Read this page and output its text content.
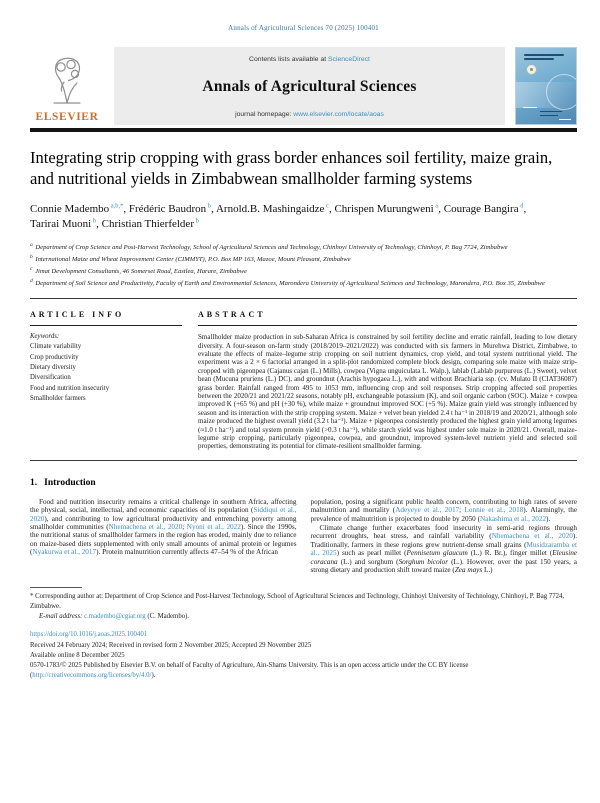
Annals of Agricultural Sciences 70 (2025) 100401
ELSEVIER
Contents lists available at ScienceDirect
Annals of Agricultural Sciences
journal homepage: www.elsevier.com/locate/aoas
Integrating strip cropping with grass border enhances soil fertility, maize grain, and nutritional yields in Zimbabwean smallholder farming systems
Connie Madembo $^{a,b,*}$, Frédéric Baudron $^b$, Arnold.B. Mashingaidze $^c$, Chrispen Murungweni $^a$, Courage Bangira $^d$, Tarirai Muoni $^b$, Christian Thierfelder $^b$
$^a$ Department of Crop Science and Post-Harvest Technology, School of Agricultural Sciences and Technology, Chinhoyi University of Technology, Chinhoyi, P. Bag 7724, Zimbabwe
$^b$ International Maize and Wheat Improvement Center (CIMMYT), P.O. Box MP 163, Mazoe, Mount Pleasant, Zimbabwe
$^c$ Jimat Development Consultants, 46 Somerset Road, Eastlea, Harare, Zimbabwe
$^d$ Department of Soil Science and Productivity, Faculty of Earth and Environmental Sciences, Marondera University of Agricultural Sciences and Technology, Marondera, P.O. Box 35, Zimbabwe
ARTICLE INFO
Keywords:
Climate variability
Crop productivity
Dietary diversity
Diversification
Food and nutrition insecurity
Smallholder farmers
ABSTRACT
Smallholder maize production in sub-Saharan Africa is constrained by soil fertility decline and erratic rainfall, leading to low dietary diversity. A four-season on-farm study (2018/2019–2021/2022) was conducted with six farmers in Murehwa District, Zimbabwe, to evaluate the effects of maize–legume strip cropping on soil nutrient dynamics, crop yield, and total system nutritional yield. The experiment was a 2 × 6 factorial arranged in a split-plot randomized complete block design, comparing sole maize with maize strip-cropped with pigeonpea (Cajanus cajan (L.) Mills), cowpea (Vigna unguiculata L. Walp.), lablab (Lablab purpureus (L.) Sweet), velvet bean (Mucuna pruriens (L.) DC), and groundnut (Arachis hypogaea L.), with and without Brachiaria ssp. (cv. Mulato II (CIAT36087) grass border. Rainfall ranged from 495 to 1053 mm, influencing crop and soil responses. Strip cropping affected soil properties between the 2020/21 and 2021/22 seasons, notably pH, exchangeable potassium (K), and soil organic carbon (SOC). Maize + cowpea improved K (+65 %) and pH (+30 %), while maize + groundnut improved SOC (+5 %). Maize grain yield was strongly influenced by season and its interaction with the strip cropping system. Maize + velvet bean yielded 2.4 t ha⁻¹ in 2018/19 and 2020/21, although sole maize produced the highest overall yield (3.2 t ha⁻¹). Maize + pigeonpea consistently produced the highest grain yield among legumes (≈1.0 t ha⁻¹) and total system protein yield (>0.3 t ha⁻¹), while starch yield was highest under sole maize in 2020/21. Overall, maize-legume strip cropping, particularly pigeonpea, cowpea, and groundnut, improved system-level nutrient yield and selected soil properties, demonstrating its potential for climate-resilient smallholder farming.
1. Introduction

Food and nutrition insecurity remains a critical challenge in southern Africa, affecting the physical, social, intellectual, and economic capacities of its population (Siddiqui et al., 2020), and contributing to low agricultural productivity and entrenching poverty among smallholder communities (Nhemachena et al., 2020; Nyoni et al., 2022). Since the 1990s, the nutritional status of smallholder farmers in the region has eroded, mainly due to reliance on maize-based diets supplemented with only small amounts of animal protein or legumes (Nyakurwa et al., 2017). Protein malnutrition currently affects 47–54 % of the African

population, posing a significant public health concern, contributing to high rates of severe malnutrition and mortality (Adeyeye et al., 2017; Lonnie et al., 2018). Alarmingly, the prevalence of malnutrition is projected to double by 2050 (Nakashima et al., 2022).

Climate change further exacerbates food insecurity in semi-arid regions through recurrent droughts, heat stress, and rainfall variability (Nhemachena et al., 2020). Traditionally, farmers in these regions grew nutrient-dense small grains (Musidzaramba et al., 2025) such as pearl millet (Pennisetum glaucum (L.) R. Br.), finger millet (Eleusine coracana (L.) and sorghum (Sorghum bicolor (L.). However, over the past 150 years, a strong dietary and production shift toward maize (Zea mays L.)

* Corresponding author at: Department of Crop Science and Post-Harvest Technology, School of Agricultural Sciences and Technology, Chinhoyi University of Technology, Chinhoyi, P. Bag 7724, Zimbabwe.
E-mail address: c.madembo@cgiar.org (C. Madembo).
https://doi.org/10.1016/j.aoas.2025.100401
Received 24 February 2024; Received in revised form 2 November 2025; Accepted 29 November 2025
Available online 8 December 2025
0570-1783/© 2025 Published by Elsevier B.V. on behalf of Faculty of Agriculture, Ain-Shams University. This is an open access article under the CC BY license (http://creativecommons.org/licenses/by/4.0/).
